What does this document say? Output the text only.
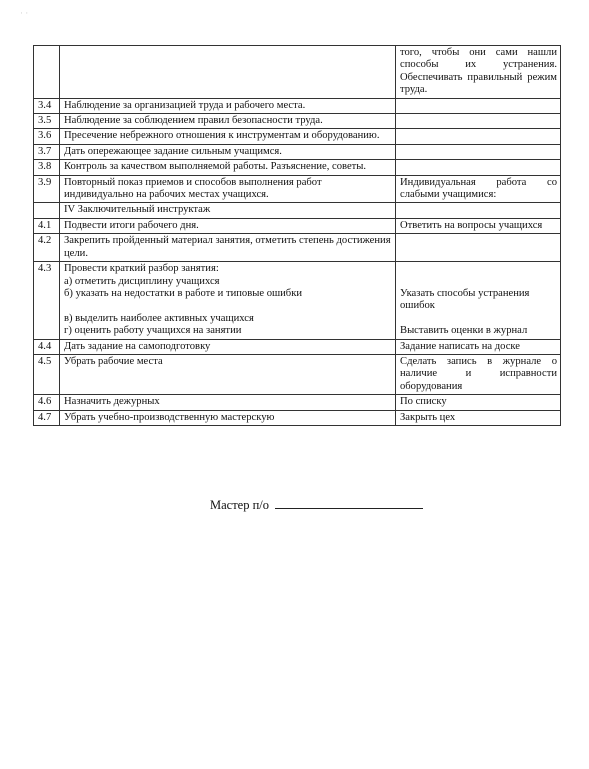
· ·

		того, чтобы они сами нашли способы их устранения. Обеспечивать правильный режим труда.

3.4	Наблюдение за организацией труда и рабочего места.	

3.5	Наблюдение за соблюдением правил безопасности труда.	

3.6	Пресечение небрежного отношения к инструментам и оборудованию.	

3.7	Дать опережающее задание сильным учащимся.	

3.8	Контроль за качеством выполняемой работы. Разъяснение, советы.	

3.9	Повторный показ приемов и способов выполнения работ индивидуально на рабочих местах учащихся.	Индивидуальная работа со слабыми учащимися:

	IV Заключительный инструктаж	

4.1	Подвести итоги рабочего дня.	Ответить на вопросы учащихся

4.2	Закрепить пройденный материал занятия, отметить степень достижения цели.	

4.3	Провести краткий разбор занятия:
а) отметить дисциплину учащихся
б) указать на недостатки в работе и типовые ошибки
в) выделить наиболее активных учащихся
г) оценить работу учащихся на занятии	Указать способы устранения ошибок
Выставить оценки в журнал

4.4	Дать задание на самоподготовку	Задание написать на доске

4.5	Убрать рабочие места	Сделать запись в журнале о наличие и исправности оборудования

4.6	Назначить дежурных	По списку

4.7	Убрать учебно-производственную мастерскую	Закрыть цех
Мастер п/о
